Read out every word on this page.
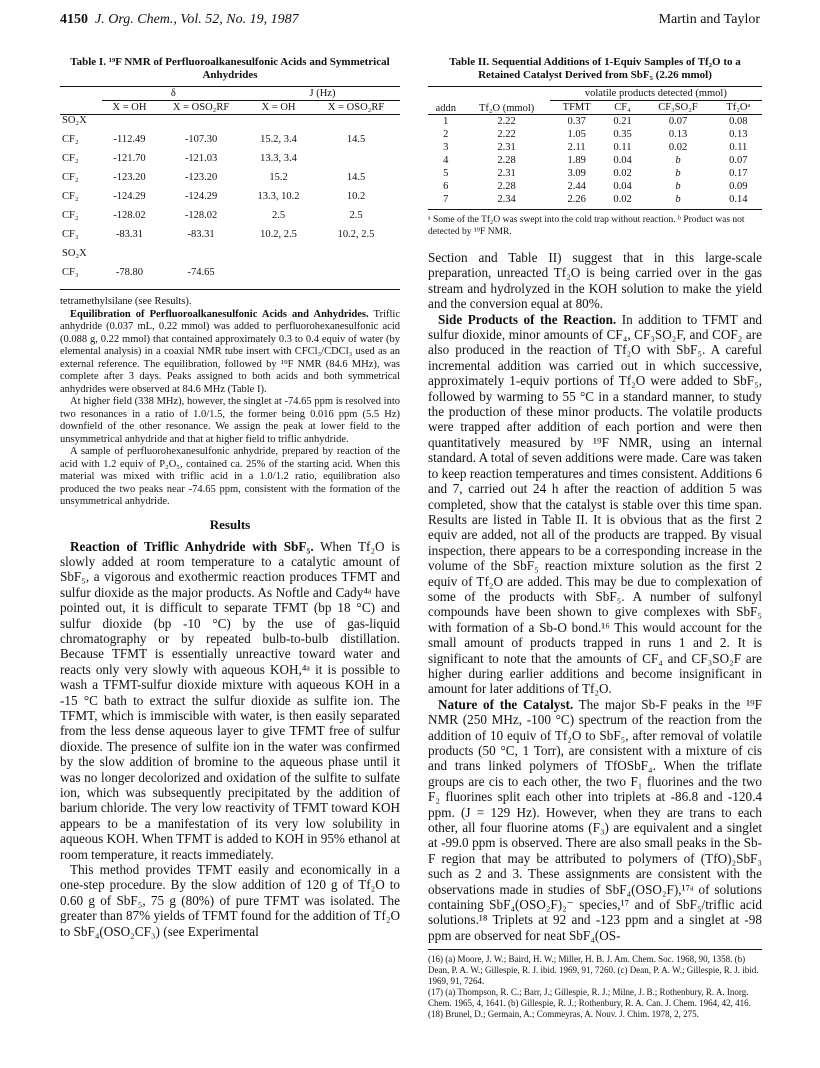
4150 J. Org. Chem., Vol. 52, No. 19, 1987	Martin and Taylor
Table I. ¹⁹F NMR of Perfluoroalkanesulfonic Acids and Symmetrical Anhydrides
	δ		J (Hz)	
	X = OH	X = OSO₂RF	X = OH	X = OSO₂RF
SO₂X				
CF₂	-112.49	-107.30	15.2, 3.4	14.5
CF₂	-121.70	-121.03	13.3, 3.4	
CF₂	-123.20	-123.20	15.2	14.5
CF₂	-124.29	-124.29	13.3, 10.2	10.2
CF₂	-128.02	-128.02	2.5	2.5
CF₃	-83.31	-83.31	10.2, 2.5	10.2, 2.5
SO₂X				
CF₃	-78.80	-74.65		

tetramethylsilane (see Results).

Equilibration of Perfluoroalkanesulfonic Acids and Anhydrides. Triflic anhydride (0.037 mL, 0.22 mmol) was added to perfluorohexanesulfonic acid (0.088 g, 0.22 mmol) that contained approximately 0.3 to 0.4 equiv of water (by elemental analysis) in a coaxial NMR tube insert with CFCl₃/CDCl₃ used as an external reference. The equilibration, followed by ¹⁹F NMR (84.6 MHz), was complete after 3 days. Peaks assigned to both acids and both symmetrical anhydrides were observed at 84.6 MHz (Table I).

At higher field (338 MHz), however, the singlet at -74.65 ppm is resolved into two resonances in a ratio of 1.0/1.5, the former being 0.016 ppm (5.5 Hz) downfield of the other resonance. We assign the peak at lower field to the unsymmetrical anhydride and that at higher field to triflic anhydride.

A sample of perfluorohexanesulfonic anhydride, prepared by reaction of the acid with 1.2 equiv of P₂O₅, contained ca. 25% of the starting acid. When this material was mixed with triflic acid in a 1.0/1.2 ratio, equilibration also produced the two peaks near -74.65 ppm, consistent with the formation of the unsymmetrical anhydride.

Results

Reaction of Triflic Anhydride with SbF₅. When Tf₂O is slowly added at room temperature to a catalytic amount of SbF₅, a vigorous and exothermic reaction produces TFMT and sulfur dioxide as the major products. As Noftle and Cady⁴ᵃ have pointed out, it is difficult to separate TFMT (bp 18 °C) and sulfur dioxide (bp -10 °C) by the use of gas-liquid chromatography or by repeated bulb-to-bulb distillation. Because TFMT is essentially unreactive toward water and reacts only very slowly with aqueous KOH,⁴ᵃ it is possible to wash a TFMT-sulfur dioxide mixture with aqueous KOH in a -15 °C bath to extract the sulfur dioxide as sulfite ion. The TFMT, which is immiscible with water, is then easily separated from the less dense aqueous layer to give TFMT free of sulfur dioxide. The presence of sulfite ion in the water was confirmed by the slow addition of bromine to the aqueous phase until it was no longer decolorized and oxidation of the sulfite to sulfate ion, which was subsequently precipitated by the addition of barium chloride. The very low reactivity of TFMT toward KOH appears to be a manifestation of its very low solubility in aqueous KOH. When TFMT is added to KOH in 95% ethanol at room temperature, it reacts immediately.

This method provides TFMT easily and economically in a one-step procedure. By the slow addition of 120 g of Tf₂O to 0.60 g of SbF₅, 75 g (80%) of pure TFMT was isolated. The greater than 87% yields of TFMT found for the addition of Tf₂O to SbF₄(OSO₂CF₃) (see Experimental

Table II. Sequential Additions of 1-Equiv Samples of Tf₂O to a Retained Catalyst Derived from SbF₅ (2.26 mmol)
addn	Tf₂O (mmol)	volatile products detected (mmol)			
		TFMT	CF₄	CF₃SO₂F	Tf₂Oᵃ
1	2.22	0.37	0.21	0.07	0.08
2	2.22	1.05	0.35	0.13	0.13
3	2.31	2.11	0.11	0.02	0.11
4	2.28	1.89	0.04	b	0.07
5	2.31	3.09	0.02	b	0.17
6	2.28	2.44	0.04	b	0.09
7	2.34	2.26	0.02	b	0.14
ᵃ Some of the Tf₂O was swept into the cold trap without reaction. ᵇ Product was not detected by ¹⁹F NMR.

Section and Table II) suggest that in this large-scale preparation, unreacted Tf₂O is being carried over in the gas stream and hydrolyzed in the KOH solution to make the yield and the conversion equal at 80%.

Side Products of the Reaction. In addition to TFMT and sulfur dioxide, minor amounts of CF₄, CF₃SO₂F, and COF₂ are also produced in the reaction of Tf₂O with SbF₅. A careful incremental addition was carried out in which successive, approximately 1-equiv portions of Tf₂O were added to SbF₅, followed by warming to 55 °C in a standard manner, to study the production of these minor products. The volatile products were trapped after addition of each portion and were then quantitatively measured by ¹⁹F NMR, using an internal standard. A total of seven additions were made. Care was taken to keep reaction temperatures and times consistent. Additions 6 and 7, carried out 24 h after the reaction of addition 5 was completed, show that the catalyst is stable over this time span. Results are listed in Table II. It is obvious that as the first 2 equiv are added, not all of the products are trapped. By visual inspection, there appears to be a corresponding increase in the volume of the SbF₅ reaction mixture solution as the first 2 equiv of Tf₂O are added. This may be due to complexation of some of the products with SbF₅. A number of sulfonyl compounds have been shown to give complexes with SbF₅ with formation of a Sb-O bond.¹⁶ This would account for the small amount of products trapped in runs 1 and 2. It is significant to note that the amounts of CF₄ and CF₃SO₂F are higher during earlier additions and become insignificant in amount for later additions of Tf₂O.

Nature of the Catalyst. The major Sb-F peaks in the ¹⁹F NMR (250 MHz, -100 °C) spectrum of the reaction from the addition of 10 equiv of Tf₂O to SbF₅, after removal of volatile products (50 °C, 1 Torr), are consistent with a mixture of cis and trans linked polymers of TfOSbF₄. When the triflate groups are cis to each other, the two F₁ fluorines and the two F₂ fluorines split each other into triplets at -86.8 and -120.4 ppm. (J = 129 Hz). However, when they are trans to each other, all four fluorine atoms (F₃) are equivalent and a singlet at -99.0 ppm is observed. There are also small peaks in the Sb-F region that may be attributed to polymers of (TfO)₂SbF₃ such as 2 and 3. These assignments are consistent with the observations made in studies of SbF₄(OSO₂F),¹⁷ᵃ of solutions containing SbF₄(OSO₂F)₂⁻ species,¹⁷ and of SbF₅/triflic acid solutions.¹⁸ Triplets at 92 and -123 ppm and a singlet at -98 ppm are observed for neat SbF₄(OS-

(16) (a) Moore, J. W.; Baird, H. W.; Miller, H. B. J. Am. Chem. Soc. 1968, 90, 1358. (b) Dean, P. A. W.; Gillespie, R. J. ibid. 1969, 91, 7260. (c) Dean, P. A. W.; Gillespie, R. J. ibid. 1969, 91, 7264.
(17) (a) Thompson, R. C.; Barr, J.; Gillespie, R. J.; Milne, J. B.; Rothenbury, R. A. Inorg. Chem. 1965, 4, 1641. (b) Gillespie, R. J.; Rothenbury, R. A. Can. J. Chem. 1964, 42, 416.
(18) Brunel, D.; Germain, A.; Commeyras, A. Nouv. J. Chim. 1978, 2, 275.
